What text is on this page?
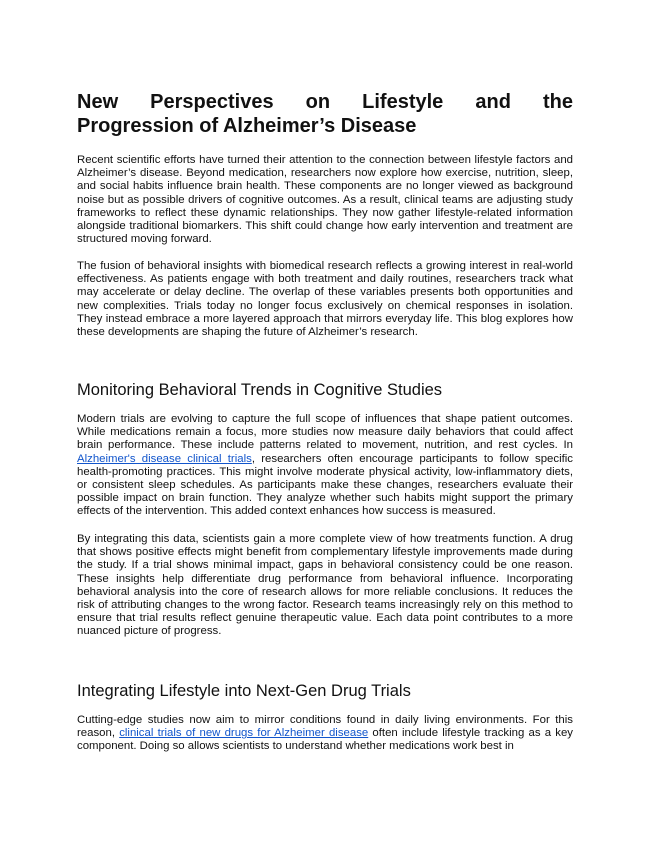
New Perspectives on Lifestyle and the
Progression of Alzheimer’s Disease

Recent scientific efforts have turned their attention to the connection between lifestyle factors and Alzheimer’s disease. Beyond medication, researchers now explore how exercise, nutrition, sleep, and social habits influence brain health. These components are no longer viewed as background noise but as possible drivers of cognitive outcomes. As a result, clinical teams are adjusting study frameworks to reflect these dynamic relationships. They now gather lifestyle-related information alongside traditional biomarkers. This shift could change how early intervention and treatment are structured moving forward.

The fusion of behavioral insights with biomedical research reflects a growing interest in real-world effectiveness. As patients engage with both treatment and daily routines, researchers track what may accelerate or delay decline. The overlap of these variables presents both opportunities and new complexities. Trials today no longer focus exclusively on chemical responses in isolation. They instead embrace a more layered approach that mirrors everyday life. This blog explores how these developments are shaping the future of Alzheimer’s research.

Monitoring Behavioral Trends in Cognitive Studies

Modern trials are evolving to capture the full scope of influences that shape patient outcomes. While medications remain a focus, more studies now measure daily behaviors that could affect brain performance. These include patterns related to movement, nutrition, and rest cycles. In Alzheimer's disease clinical trials, researchers often encourage participants to follow specific health-promoting practices. This might involve moderate physical activity, low-inflammatory diets, or consistent sleep schedules. As participants make these changes, researchers evaluate their possible impact on brain function. They analyze whether such habits might support the primary effects of the intervention. This added context enhances how success is measured.

By integrating this data, scientists gain a more complete view of how treatments function. A drug that shows positive effects might benefit from complementary lifestyle improvements made during the study. If a trial shows minimal impact, gaps in behavioral consistency could be one reason. These insights help differentiate drug performance from behavioral influence. Incorporating behavioral analysis into the core of research allows for more reliable conclusions. It reduces the risk of attributing changes to the wrong factor. Research teams increasingly rely on this method to ensure that trial results reflect genuine therapeutic value. Each data point contributes to a more nuanced picture of progress.

Integrating Lifestyle into Next-Gen Drug Trials

Cutting-edge studies now aim to mirror conditions found in daily living environments. For this reason, clinical trials of new drugs for Alzheimer disease often include lifestyle tracking as a key component. Doing so allows scientists to understand whether medications work best in
